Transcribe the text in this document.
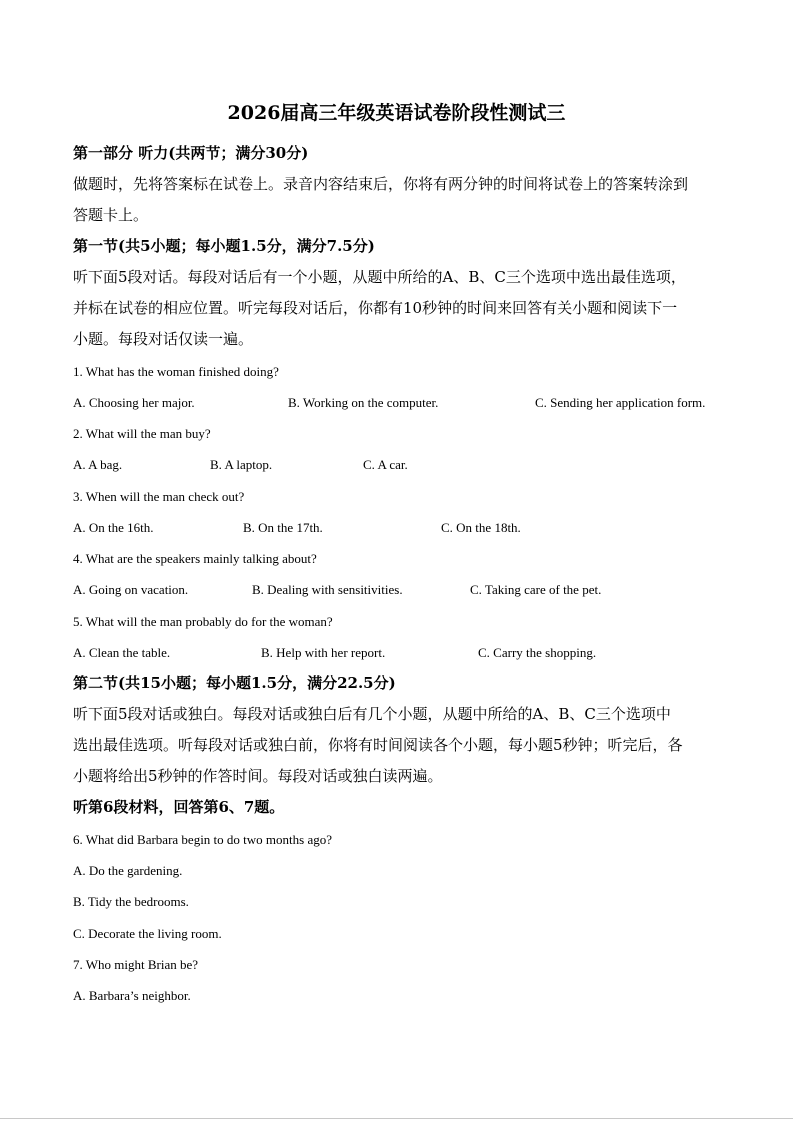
2026届高三年级英语试卷阶段性测试三
第一部分 听力(共两节；满分30分)
做题时，先将答案标在试卷上。录音内容结束后，你将有两分钟的时间将试卷上的答案转涂到
答题卡上。
第一节(共5小题；每小题1.5分，满分7.5分)
听下面5段对话。每段对话后有一个小题，从题中所给的A、B、C三个选项中选出最佳选项，
并标在试卷的相应位置。听完每段对话后，你都有10秒钟的时间来回答有关小题和阅读下一
小题。每段对话仅读一遍。
1. What has the woman finished doing?
A. Choosing her major.	B. Working on the computer.	C. Sending her application form.
2. What will the man buy?
A. A bag.	B. A laptop.	C. A car.
3. When will the man check out?
A. On the 16th.	B. On the 17th.	C. On the 18th.
4. What are the speakers mainly talking about?
A. Going on vacation.	B. Dealing with sensitivities.	C. Taking care of the pet.
5. What will the man probably do for the woman?
A. Clean the table.	B. Help with her report.	C. Carry the shopping.
第二节(共15小题；每小题1.5分，满分22.5分)
听下面5段对话或独白。每段对话或独白后有几个小题，从题中所给的A、B、C三个选项中
选出最佳选项。听每段对话或独白前，你将有时间阅读各个小题，每小题5秒钟；听完后，各
小题将给出5秒钟的作答时间。每段对话或独白读两遍。
听第6段材料，回答第6、7题。
6. What did Barbara begin to do two months ago?
A. Do the gardening.
B. Tidy the bedrooms.
C. Decorate the living room.
7. Who might Brian be?
A. Barbara’s neighbor.
